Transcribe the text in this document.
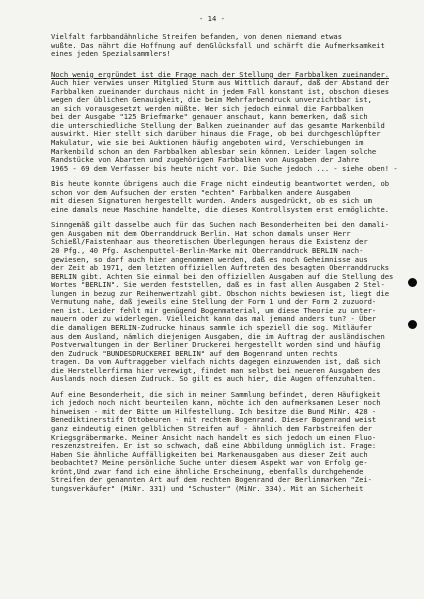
- 14 -

Vielfalt farbbandähnliche Streifen befanden, von denen niemand etwas
wußte. Das nährt die Hoffnung auf denGlücksfall und schärft die Aufmerksamkeit
eines jeden Spezialsammlers!

Noch wenig ergründet ist die Frage nach der Stellung der Farbbalken zueinander.
Auch hier verwies unser Mitglied Sturm aus Wittlich darauf, daß der Abstand der
Farbbalken zueinander durchaus nicht in jedem Fall konstant ist, obschon dieses
wegen der üblichen Genauigkeit, die beim Mehrfarbendruck unverzichtbar ist,
an sich vorausgesetzt werden müßte. Wer sich jedoch einmal die Farbbalken
bei der Ausgabe "125 Briefmarke" genauer anschaut, kann bemerken, daß sich
die unterschiedliche Stellung der Balken zueinander auf das gesamte Markenbild
auswirkt. Hier stellt sich darüber hinaus die Frage, ob bei durchgeschlüpfter
Makulatur, wie sie bei Auktionen häufig angeboten wird, Verschiebungen im
Markenbild schon an den Farbbalken ablesbar sein können. Leider lagen solche
Randstücke von Abarten und zugehörigen Farbbalken von Ausgaben der Jahre
1965 - 69 dem Verfasser bis heute nicht vor. Die Suche jedoch ... - siehe oben! -

Bis heute konnte übrigens auch die Frage nicht eindeutig beantwortet werden, ob
schon vor dem Aufsuchen der ersten "echten" Farbbalken andere Ausgaben
mit diesen Signaturen hergestellt wurden. Anders ausgedrückt, ob es sich um
eine damals neue Maschine handelte, die dieses Kontrollsystem erst ermöglichte.

Sinngemäß gilt dasselbe auch für das Suchen nach Besonderheiten bei den damali-
gen Ausgaben mit dem Oberranddruck Berlin. Hat schon damals unser Herr
Schießl/Faistenhaar aus theoretischen Überlegungen heraus die Existenz der
20 Pfg., 40 Pfg. Aschenputtel-Berlin-Marke mit Oberranddruck BERLIN nach-
gewiesen, so darf auch hier angenommen werden, daß es noch Geheimnisse aus
der Zeit ab 1971, dem letzten offiziellen Auftreten des besagten Oberranddrucks
BERLIN gibt. Achten Sie einmal bei den offiziellen Ausgaben auf die Stellung des
Wortes "BERLIN". Sie werden feststellen, daß es in fast allen Ausgaben 2 Stel-
lungen in bezug zur Reihenwertzahl gibt. Obschon nichts bewiesen ist, liegt die
Vermutung nahe, daß jeweils eine Stellung der Form 1 und der Form 2 zuzuord-
nen ist. Leider fehlt mir genügend Bogenmaterial, um diese Theorie zu unter-
mauern oder zu widerlegen. Vielleicht kann das mal jemand anders tun? - Über
die damaligen BERLIN-Zudrucke hinaus sammle ich speziell die sog. Mitläufer
aus dem Ausland, nämlich diejenigen Ausgaben, die im Auftrag der ausländischen
Postverwaltungen in der Berliner Druckerei hergestellt worden sind und häufig
den Zudruck "BUNDESDRUCKEREI BERLIN" auf dem Bogenrand unten rechts
tragen. Da vom Auftraggeber vielfach nichts dagegen einzuwenden ist, daß sich
die Herstellerfirma hier verewigt, findet man selbst bei neueren Ausgaben des
Auslands noch diesen Zudruck. So gilt es auch hier, die Augen offenzuhalten.

Auf eine Besonderheit, die sich in meiner Sammlung befindet, deren Häufigkeit
ich jedoch noch nicht beurteilen kann, möchte ich den aufmerksamen Leser noch
hinweisen - mit der Bitte um Hilfestellung. Ich besitze die Bund MiNr. 428 -
Benediktinerstift Ottobeuren - mit rechtem Bogenrand. Dieser Bogenrand weist
ganz eindeutig einen gelblichen Streifen auf - ähnlich dem Farbstreifen der
Kriegsgräbermarke. Meiner Ansicht nach handelt es sich jedoch um einen Fluo-
reszenzstreifen. Er ist so schwach, daß eine Abbildung unmöglich ist. Frage:
Haben Sie ähnliche Auffälligkeiten bei Markenausgaben aus dieser Zeit auch
beobachtet? Meine persönliche Suche unter diesem Aspekt war von Erfolg ge-
krönt,Und zwar fand ich eine ähnliche Erscheinung, ebenfalls durchgehende
Streifen der genannten Art auf dem rechten Bogenrand der Berlinmarken "Zei-
tungsverkäufer" (MiNr. 331) und "Schuster" (MiNr. 334). Mit an Sicherheit
